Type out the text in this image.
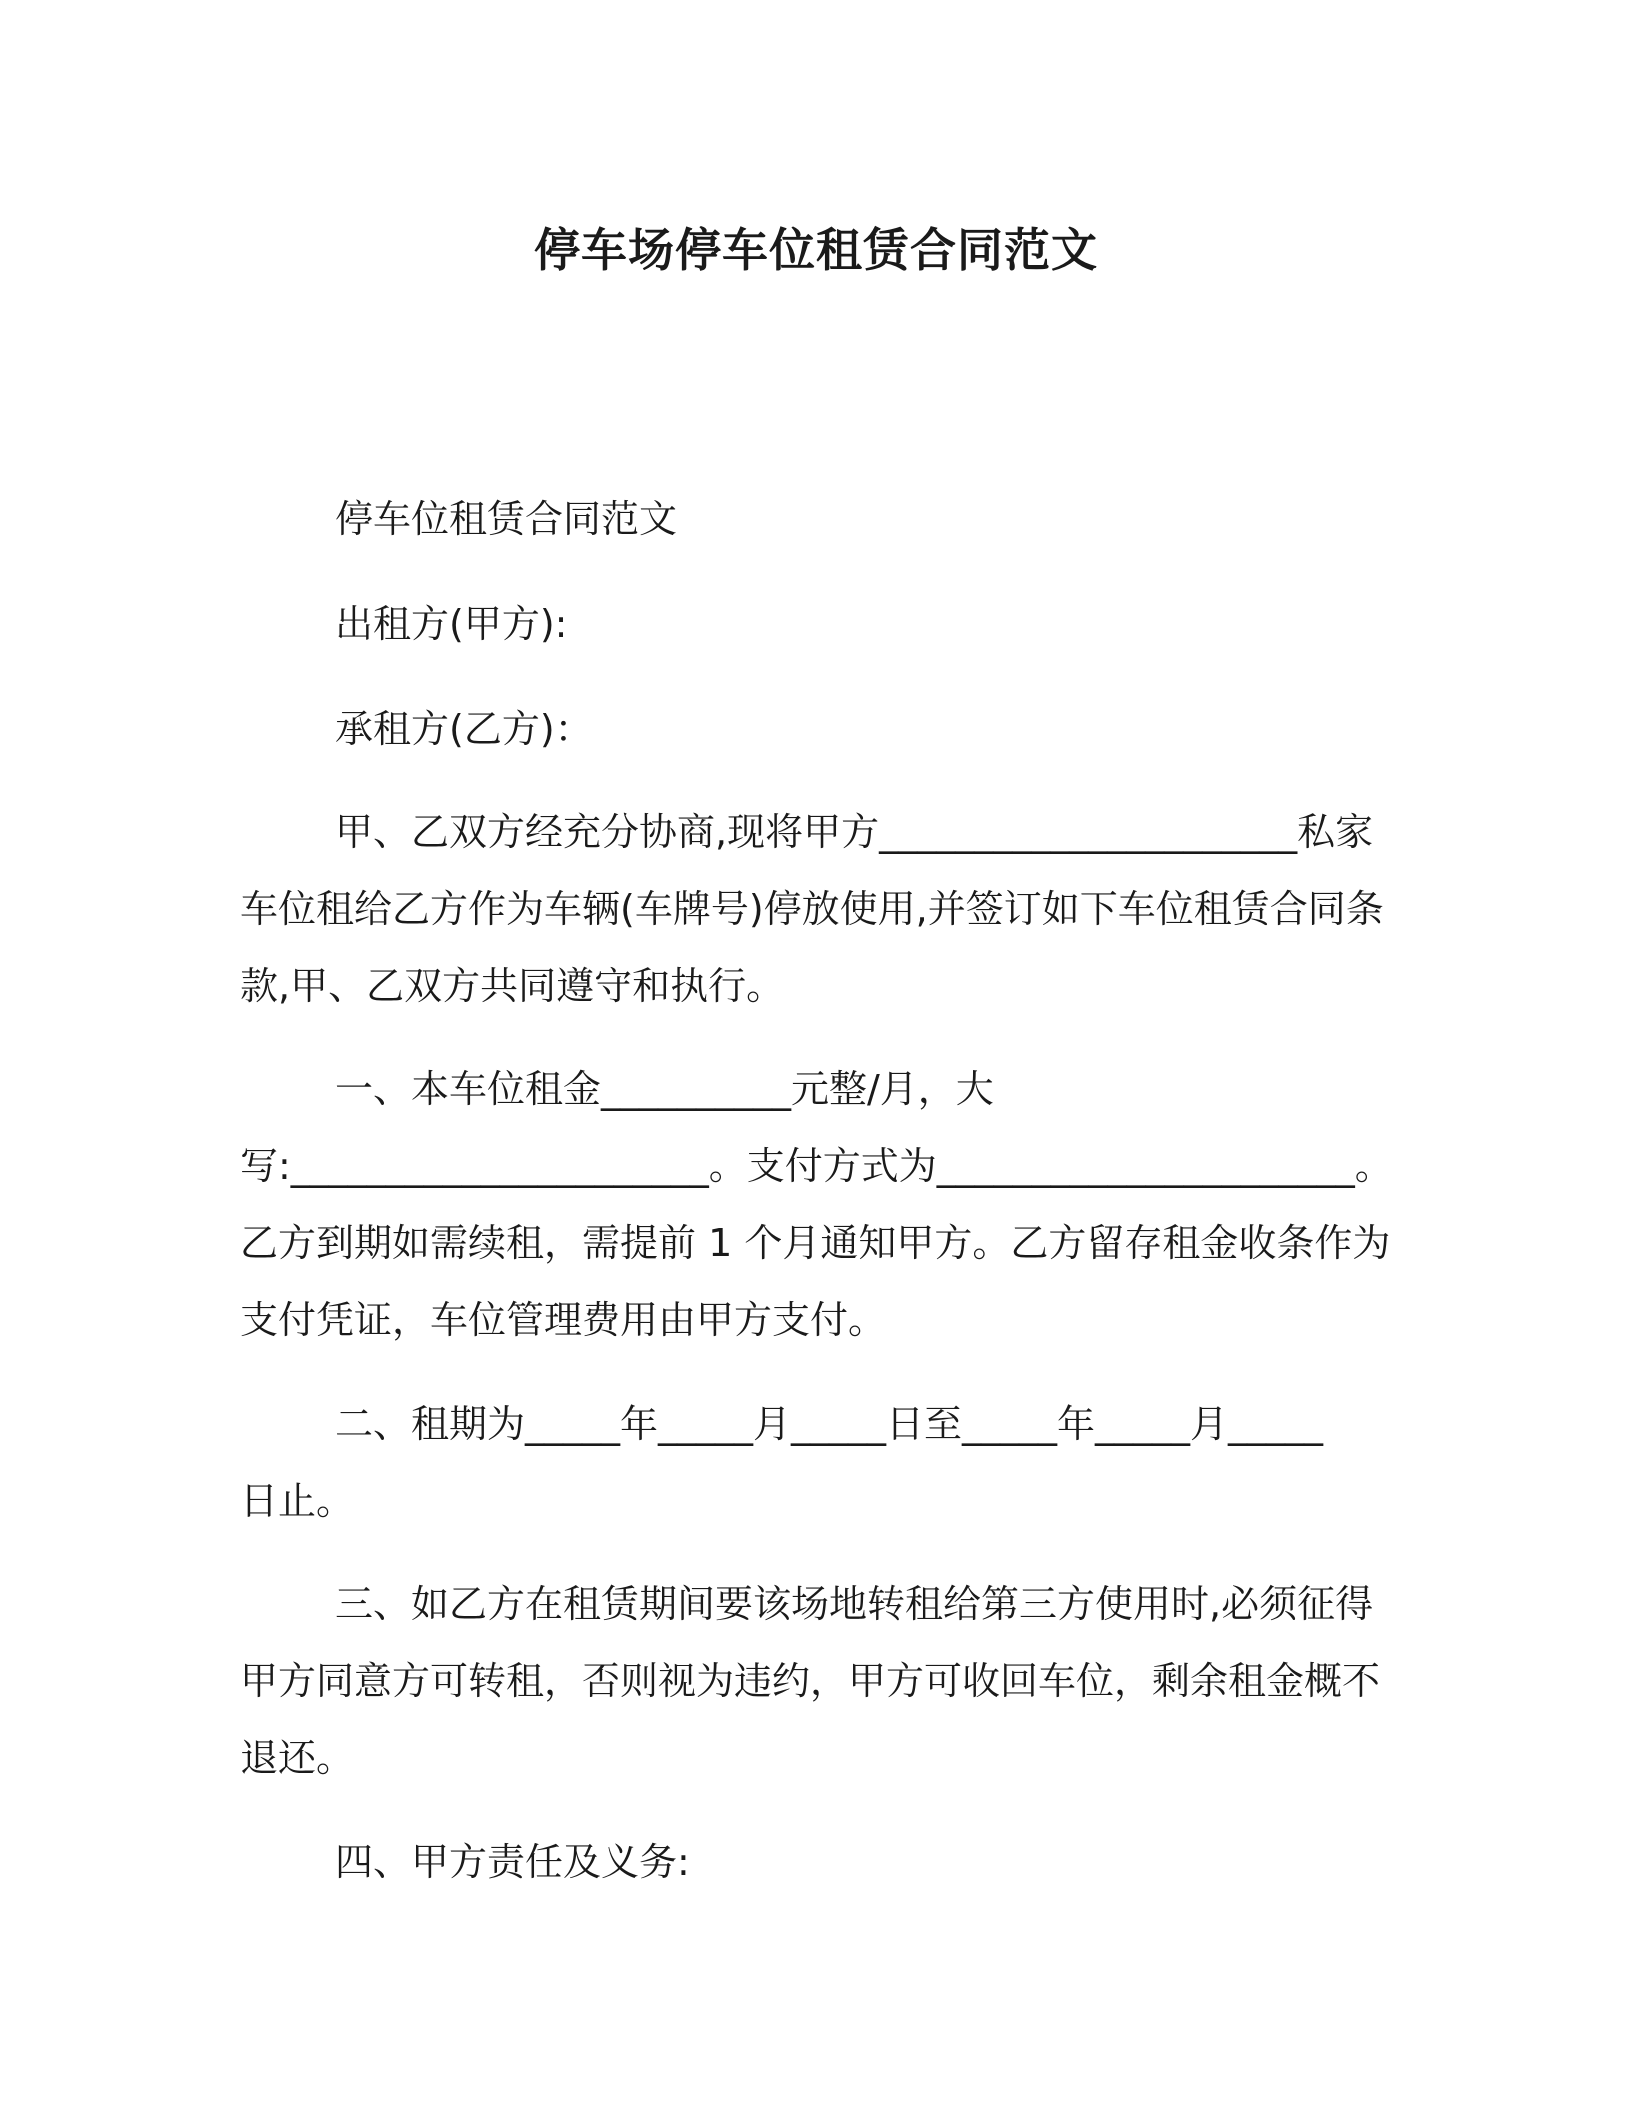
停车场停车位租赁合同范文
停车位租赁合同范文
出租方(甲方):
承租方(乙方)：
甲、乙双方经充分协商,现将甲方______________________私家
车位租给乙方作为车辆(车牌号)停放使用,并签订如下车位租赁合同条
款,甲、乙双方共同遵守和执行。
一、本车位租金__________元整/月，大
写:______________________。支付方式为______________________。
乙方到期如需续租，需提前 1 个月通知甲方。乙方留存租金收条作为
支付凭证，车位管理费用由甲方支付。
二、租期为_____年_____月_____日至_____年_____月_____
日止。
三、如乙方在租赁期间要该场地转租给第三方使用时,必须征得
甲方同意方可转租，否则视为违约，甲方可收回车位，剩余租金概不
退还。
四、甲方责任及义务:
